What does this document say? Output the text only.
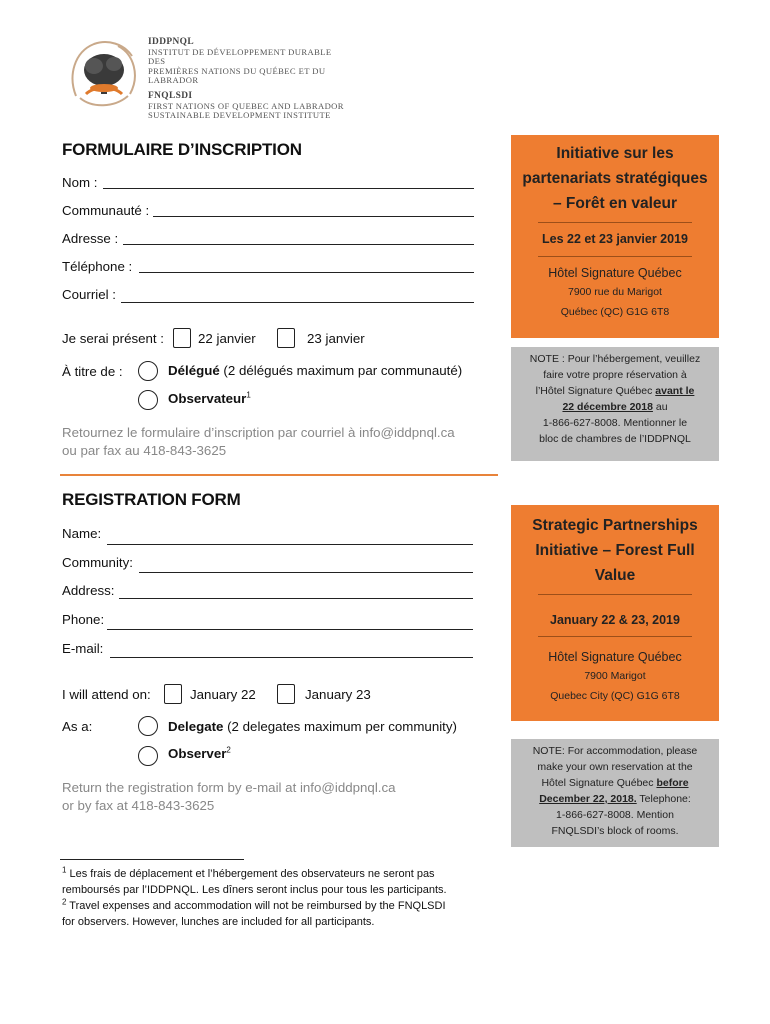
IDDPNQL
INSTITUT DE DÉVELOPPEMENT DURABLE DES
PREMIÈRES NATIONS DU QUÉBEC ET DU LABRADOR
FNQLSDI
FIRST NATIONS OF QUEBEC AND LABRADOR
SUSTAINABLE DEVELOPMENT INSTITUTE
FORMULAIRE D’INSCRIPTION
Nom :
Communauté :
Adresse :
Téléphone :
Courriel :
Je serai présent :	22 janvier	23 janvier
À titre de :	Délégué (2 délégués maximum par communauté)
Observateur$^1$
Retournez le formulaire d’inscription par courriel à info@iddpnql.ca
ou par fax au 418-843-3625
REGISTRATION FORM
Name:
Community:
Address:
Phone:
E-mail:
I will attend on:	January 22	January 23
As a:	Delegate (2 delegates maximum per community)
Observer$^2$
Return the registration form by e-mail at info@iddpnql.ca
or by fax at 418-843-3625
Initiative sur les
partenariats stratégiques
– Forêt en valeur
Les 22 et 23 janvier 2019
Hôtel Signature Québec
7900 rue du Marigot
Québec (QC) G1G 6T8
NOTE : Pour l’hébergement, veuillez
faire votre propre réservation à
l’Hôtel Signature Québec avant le
22 décembre 2018 au
1-866-627-8008. Mentionner le
bloc de chambres de l’IDDPNQL
Strategic Partnerships
Initiative – Forest Full
Value
January 22 & 23, 2019
Hôtel Signature Québec
7900 Marigot
Quebec City (QC) G1G 6T8
NOTE: For accommodation, please
make your own reservation at the
Hôtel Signature Québec before
December 22, 2018. Telephone:
1-866-627-8008. Mention
FNQLSDI’s block of rooms.
$^1$ Les frais de déplacement et l’hébergement des observateurs ne seront pas
remboursés par l’IDDPNQL. Les dîners seront inclus pour tous les participants.
$^2$ Travel expenses and accommodation will not be reimbursed by the FNQLSDI
for observers. However, lunches are included for all participants.
